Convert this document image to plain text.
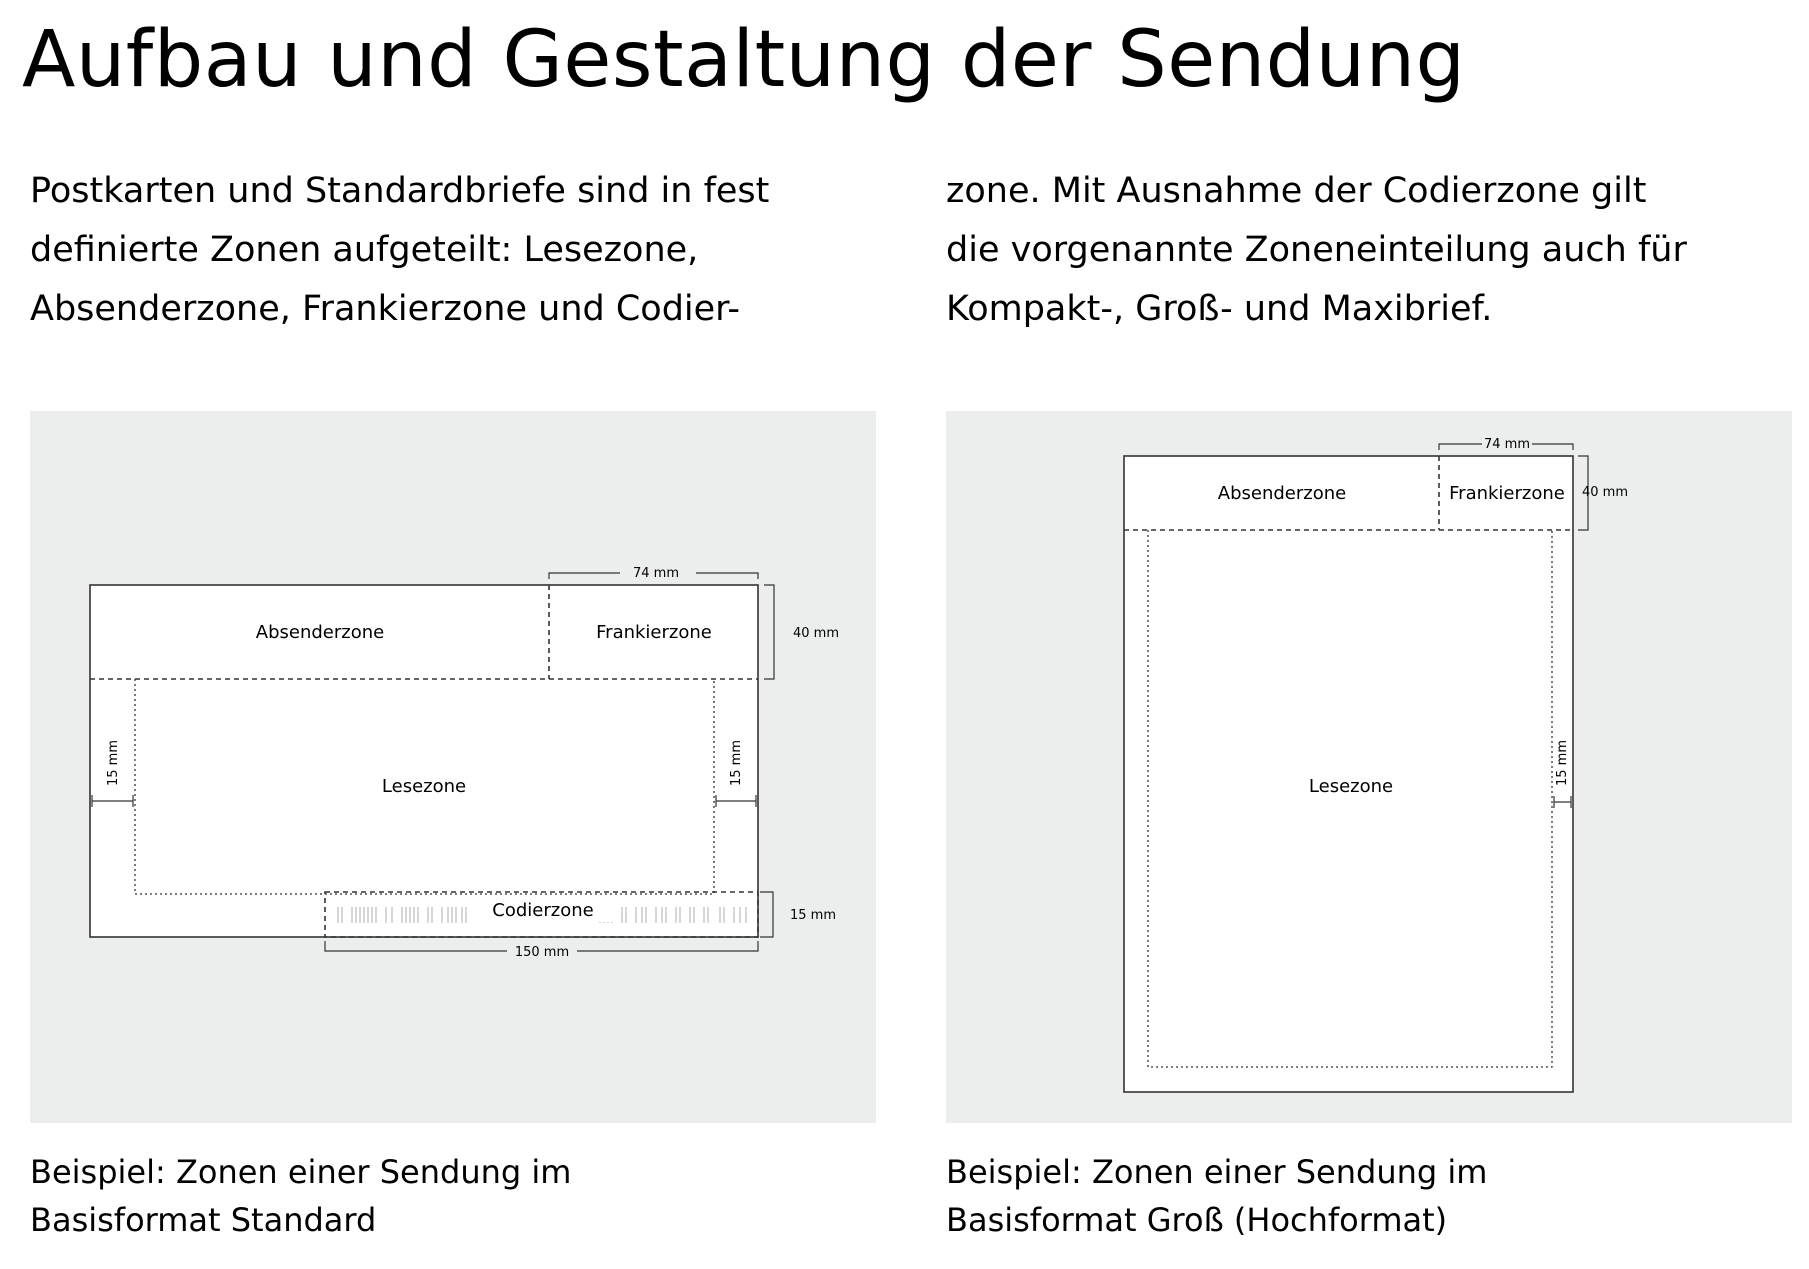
Aufbau und Gestaltung der Sendung

Postkarten und Standardbriefe sind in fest
definierte Zonen aufgeteilt: Lesezone,
Absenderzone, Frankierzone und Codier-

zone. Mit Ausnahme der Codierzone gilt
die vorgenannte Zoneneinteilung auch für
Kompakt-, Groß- und Maxibrief.

Absenderzone	Frankierzone
Lesezone
Codierzone
74 mm
40 mm
15 mm	15 mm
15 mm
150 mm
Absenderzone	Frankierzone
Lesezone
74 mm
40 mm
15 mm

Beispiel: Zonen einer Sendung im
Basisformat Standard

Beispiel: Zonen einer Sendung im
Basisformat Groß (Hochformat)
